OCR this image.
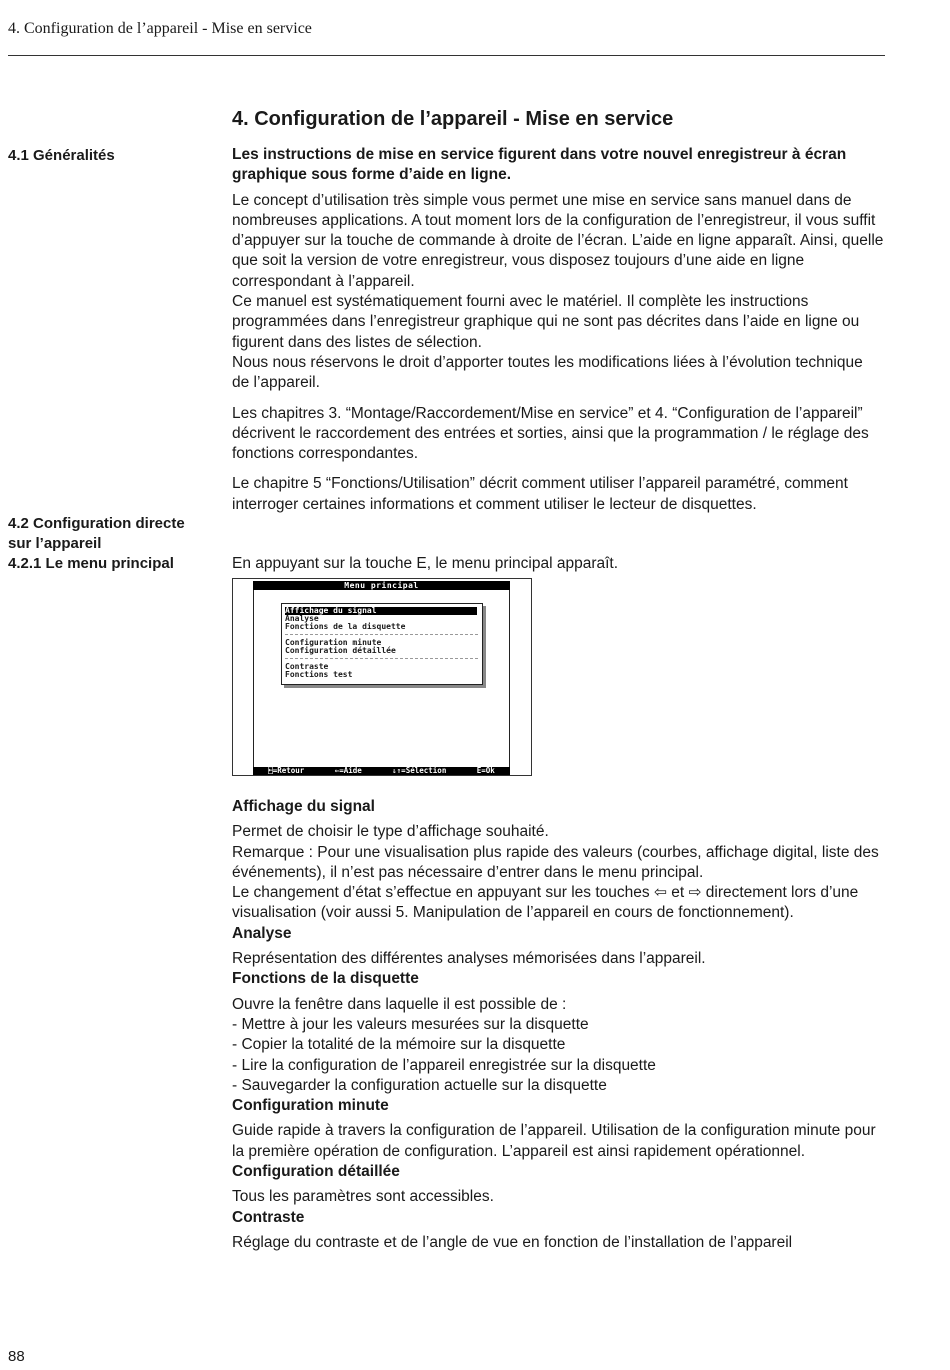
4. Configuration de l’appareil - Mise en service
4. Configuration de l’appareil - Mise en service
4.1 Généralités
4.2 Configuration directe
sur l’appareil
4.2.1 Le menu principal

Les instructions de mise en service figurent dans votre nouvel enregistreur à écran graphique sous forme d’aide en ligne.

Le concept d’utilisation très simple vous permet une mise en service sans manuel dans de nombreuses applications. A tout moment lors de la configuration de l’enregistreur, il vous suffit d’appuyer sur la touche de commande à droite de l’écran. L’aide en ligne apparaît. Ainsi, quelle que soit la version de votre enregistreur, vous disposez toujours d’une aide en ligne correspondant à l’appareil.

Ce manuel est systématiquement fourni avec le matériel. Il complète les instructions programmées dans l’enregistreur graphique qui ne sont pas décrites dans l’aide en ligne ou figurent dans des listes de sélection.

Nous nous réservons le droit d’apporter toutes les modifications liées à l’évolution technique de l’appareil.

Les chapitres 3. “Montage/Raccordement/Mise en service” et 4. “Configuration de l’appareil” décrivent le raccordement des entrées et sorties, ainsi que la programmation / le réglage des fonctions correspondantes.

Le chapitre 5 “Fonctions/Utilisation” décrit comment utiliser l’appareil paramétré, comment interroger certaines informations et comment utiliser le lecteur de disquettes.

En appuyant sur la touche E, le menu principal apparaît.
Menu principal
Affichage du signal
Analyse
Fonctions de la disquette
Configuration minute
Configuration détaillée
Contraste
Fonctions test
⍇=Retour	⇐=Aide	⇓⇑=Sélection	E=Ok

Affichage du signal

Permet de choisir le type d’affichage souhaité.

Remarque : Pour une visualisation plus rapide des valeurs (courbes, affichage digital, liste des événements), il n’est pas nécessaire d’entrer dans le menu principal.

Le changement d’état s’effectue en appuyant sur les touches ⇦ et ⇨ directement lors d’une visualisation (voir aussi 5. Manipulation de l’appareil en cours de fonctionnement).

Analyse

Représentation des différentes analyses mémorisées dans l’appareil.

Fonctions de la disquette

Ouvre la fenêtre dans laquelle il est possible de :

- Mettre à jour les valeurs mesurées sur la disquette

- Copier la totalité de la mémoire sur la disquette

- Lire la configuration de l’appareil enregistrée sur la disquette

- Sauvegarder la configuration actuelle sur la disquette

Configuration minute

Guide rapide à travers la configuration de l’appareil. Utilisation de la configuration minute pour la première opération de configuration. L’appareil est ainsi rapidement opérationnel.

Configuration détaillée

Tous les paramètres sont accessibles.

Contraste

Réglage du contraste et de l’angle de vue en fonction de l’installation de l’appareil

88
